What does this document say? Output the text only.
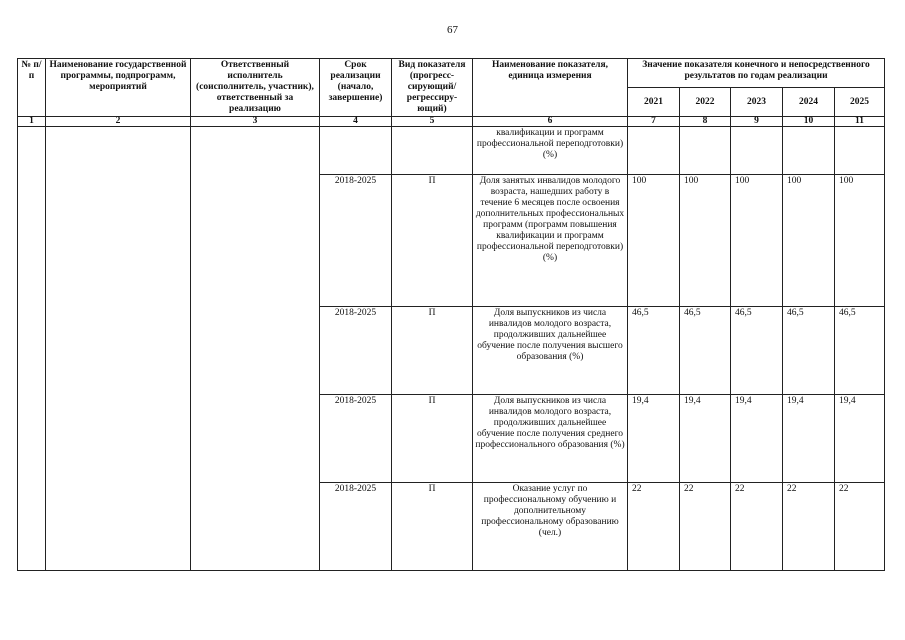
67
№ п/п	Наименование государственной программы, подпрограмм, мероприятий	Ответственный исполнитель (соисполнитель, участник), ответственный за реализацию	Срок реализации (начало, завершение)	Вид показателя (прогресс-сирующий/ регрессиру-ющий)	Наименование показателя, единица измерения	Значение показателя конечного и непосредственного результатов по годам реализации				
						2021	2022	2023	2024	2025
1	2	3	4	5	6	7	8	9	10	11
					квалификации и программ профессиональной переподготовки) (%)					
			2018-2025	П	Доля занятых инвалидов молодого возраста, нашедших работу в течение 6 месяцев после освоения дополнительных профессиональных программ (программ повышения квалификации и программ профессиональной переподготовки) (%)	100	100	100	100	100
			2018-2025	П	Доля выпускников из числа инвалидов молодого возраста, продолживших дальнейшее обучение после получения высшего образования (%)	46,5	46,5	46,5	46,5	46,5
			2018-2025	П	Доля выпускников из числа инвалидов молодого возраста, продолживших дальнейшее обучение после получения среднего профессионального образования (%)	19,4	19,4	19,4	19,4	19,4
			2018-2025	П	Оказание услуг по профессиональному обучению и дополнительному профессиональному образованию (чел.)	22	22	22	22	22
